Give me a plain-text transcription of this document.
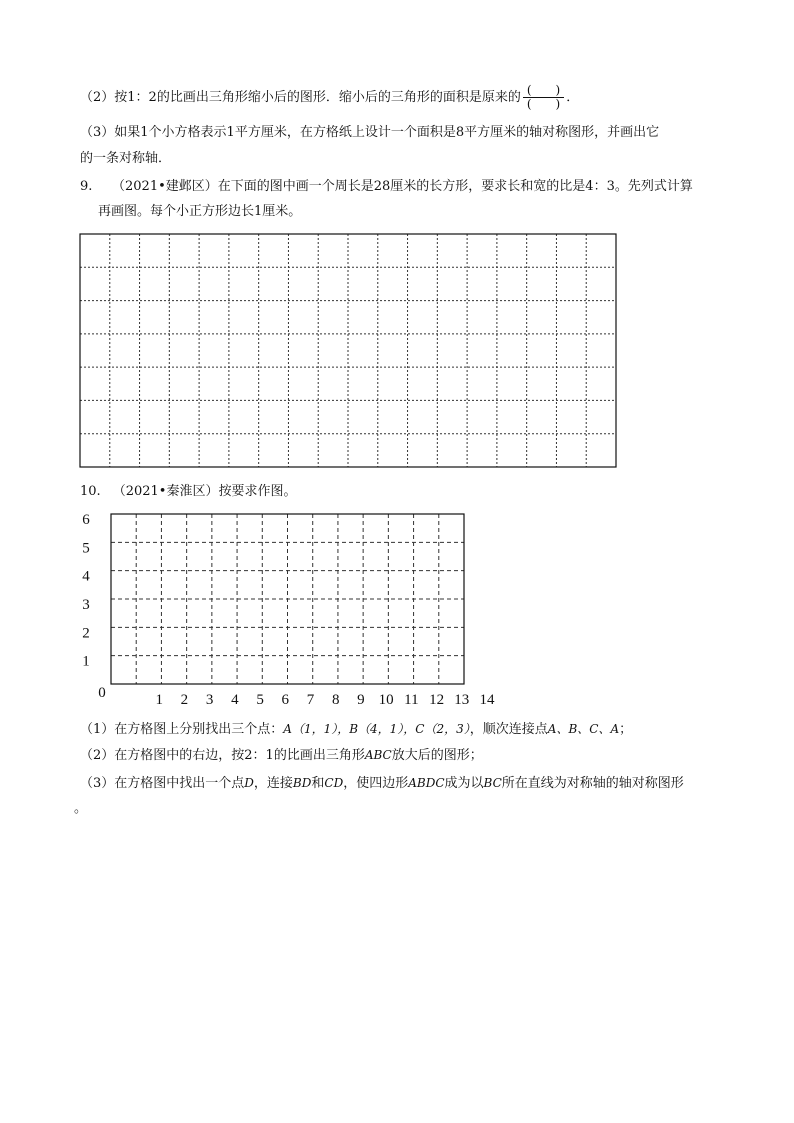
（2）按1：2的比画出三角形缩小后的图形．缩小后的三角形的面积是原来的 $\frac{( )}{( )}$ ．
（3）如果1个小方格表示1平方厘米，在方格纸上设计一个面积是8平方厘米的轴对称图形，并画出它
的一条对称轴．
9. （2021•建邺区）在下面的图中画一个周长是28厘米的长方形，要求长和宽的比是4：3。先列式计算
再画图。每个小正方形边长1厘米。
0	1 2 3 4 5 6 7 8 9 10 11 12 13 14
1
2
3
4
5
6
10. （2021•秦淮区）按要求作图。
（1）在方格图上分别找出三个点：A（1，1），B（4，1），C（2，3），顺次连接点A、B、C、A；
（2）在方格图中的右边，按2：1的比画出三角形ABC放大后的图形；
（3）在方格图中找出一个点D，连接BD和CD，使四边形ABDC成为以BC所在直线为对称轴的轴对称图形
。
